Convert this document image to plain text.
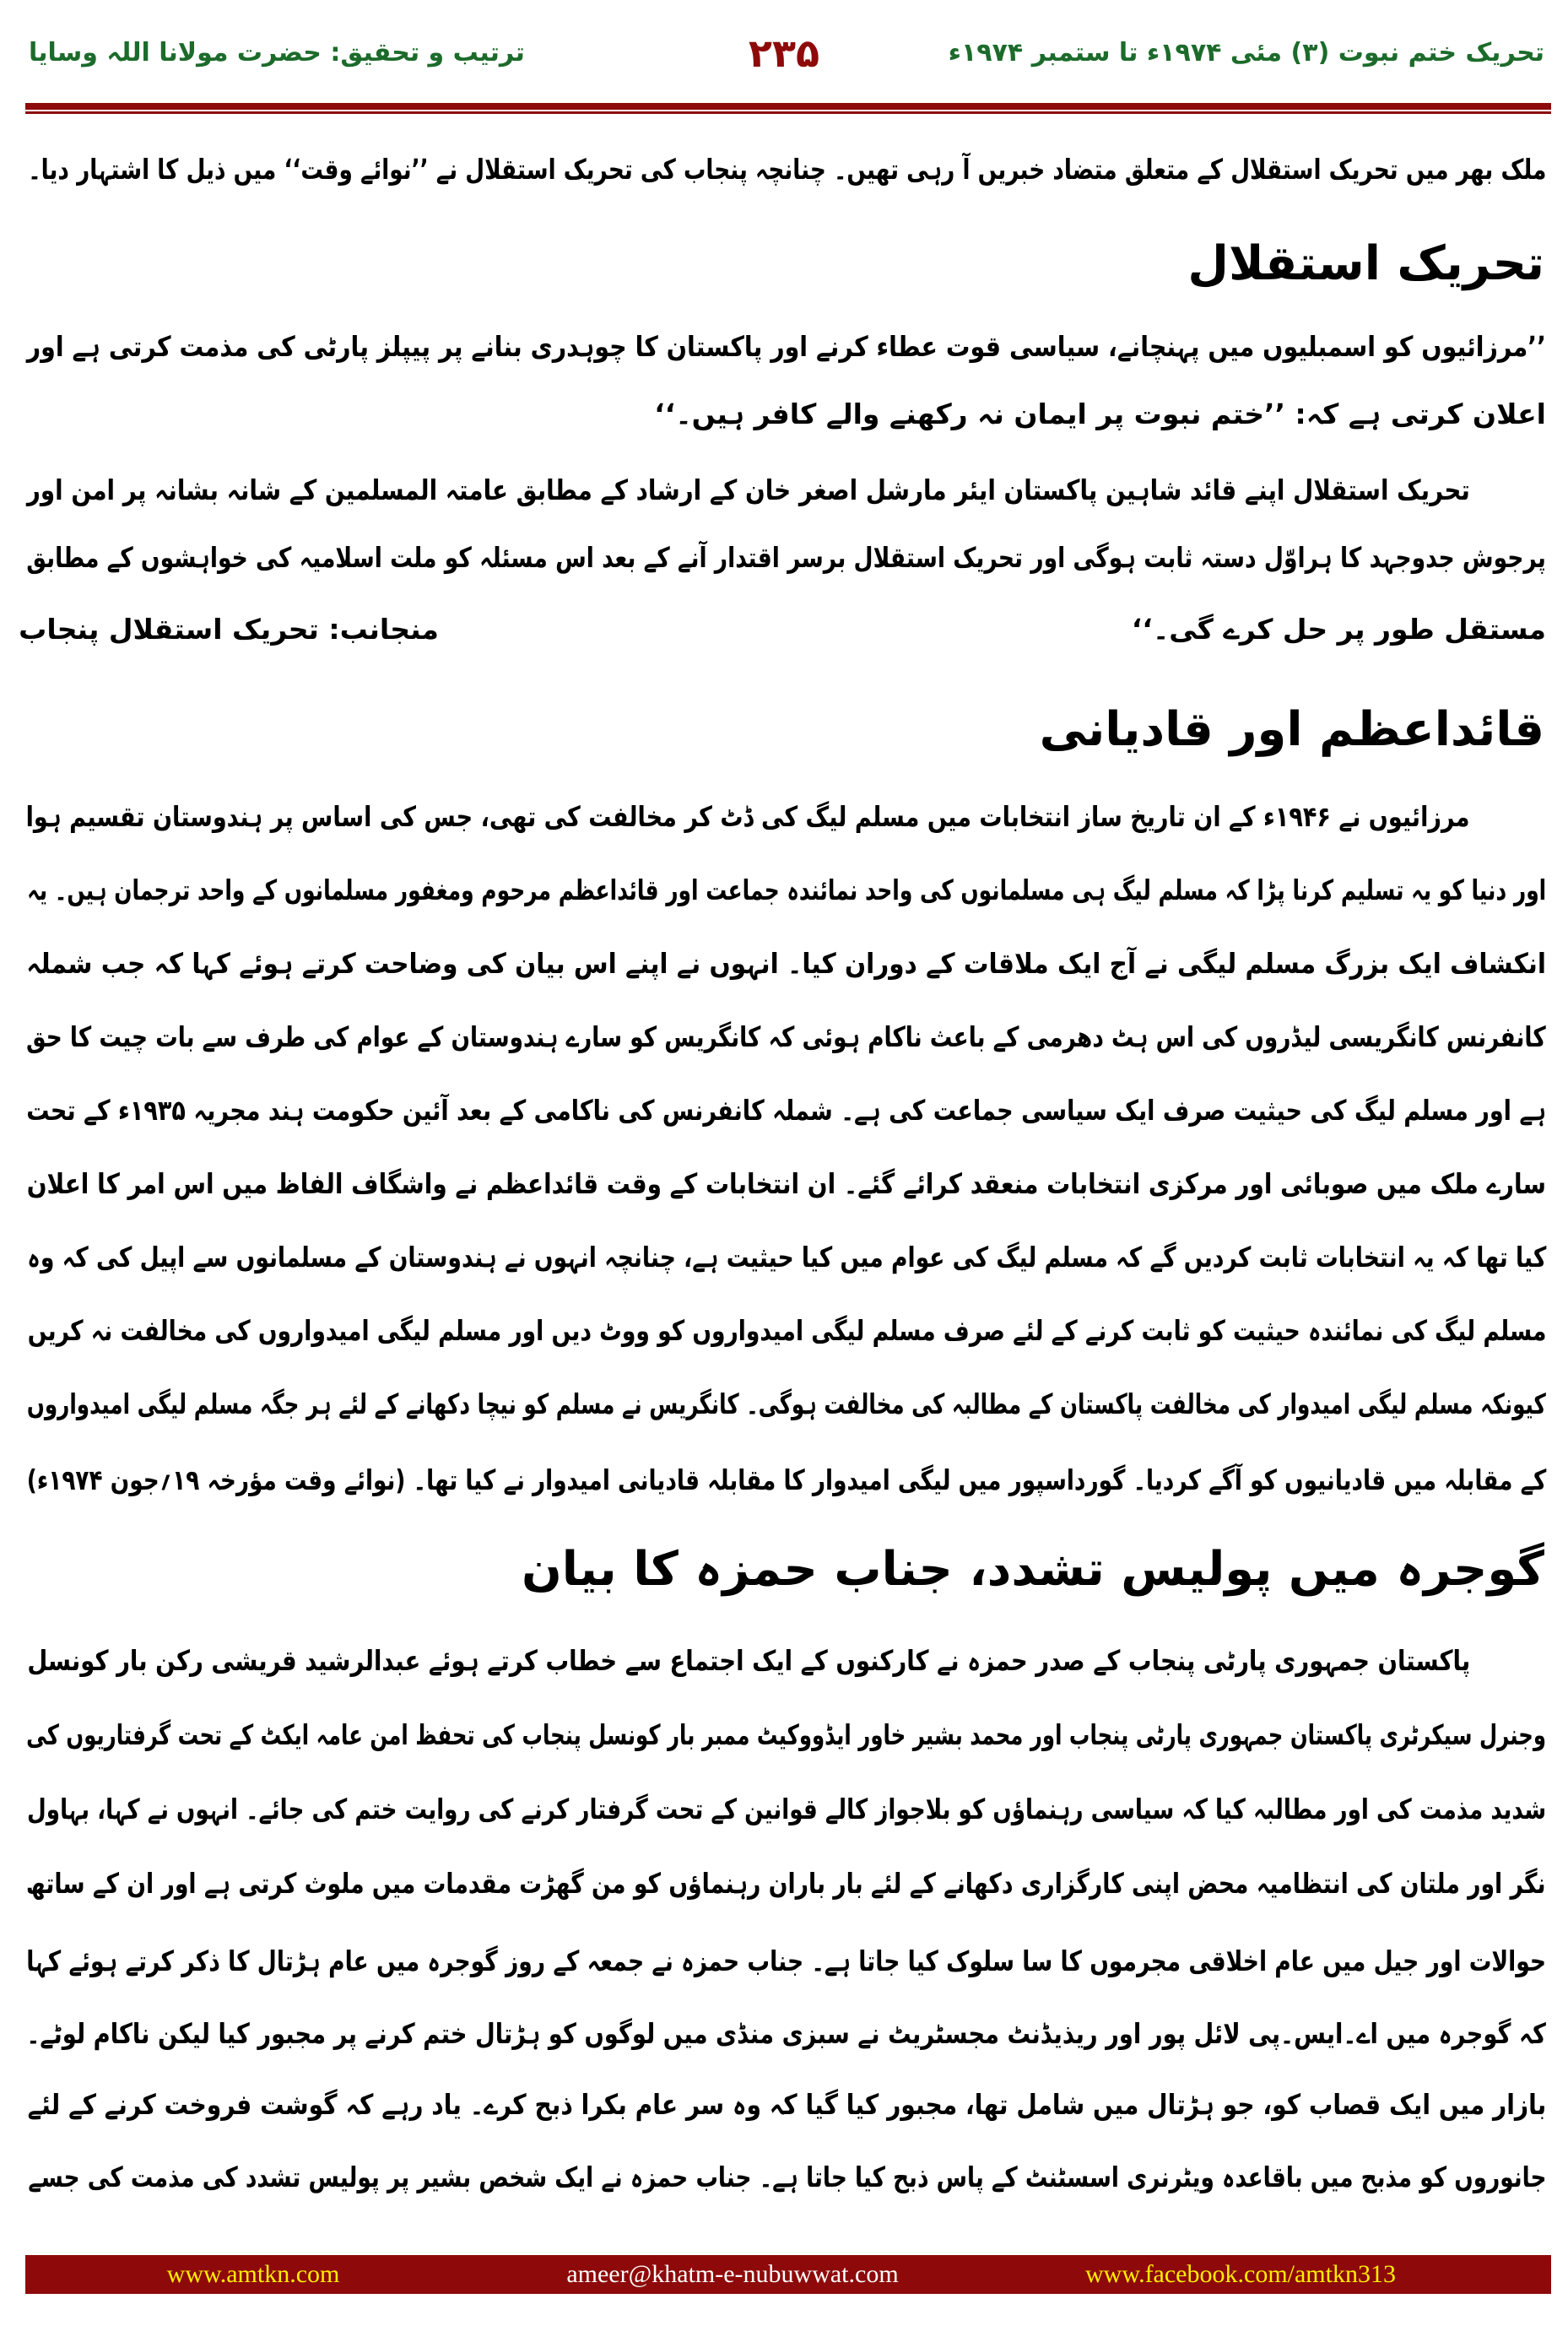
تحریک ختم نبوت (۳) مئی ۱۹۷۴ء تا ستمبر ۱۹۷۴ء
۲۳۵
ترتیب و تحقیق: حضرت مولانا اللہ وسایا
ملک بھر میں تحریک استقلال کے متعلق متضاد خبریں آ رہی تھیں۔ چنانچہ پنجاب کی تحریک استقلال نے ’’نوائے وقت‘‘ میں ذیل کا اشتہار دیا۔
تحریک استقلال
’’مرزائیوں کو اسمبلیوں میں پہنچانے، سیاسی قوت عطاء کرنے اور پاکستان کا چوہدری بنانے پر پیپلز پارٹی کی مذمت کرتی ہے اور
اعلان کرتی ہے کہ: ’’ختم نبوت پر ایمان نہ رکھنے والے کافر ہیں۔‘‘
تحریک استقلال اپنے قائد شاہین پاکستان ایئر مارشل اصغر خان کے ارشاد کے مطابق عامتہ المسلمین کے شانہ بشانہ پر امن اور
پرجوش جدوجہد کا ہراوّل دستہ ثابت ہوگی اور تحریک استقلال برسر اقتدار آنے کے بعد اس مسئلہ کو ملت اسلامیہ کی خواہشوں کے مطابق
مستقل طور پر حل کرے گی۔‘‘
منجانب: تحریک استقلال پنجاب
قائداعظم اور قادیانی
مرزائیوں نے ۱۹۴۶ء کے ان تاریخ ساز انتخابات میں مسلم لیگ کی ڈٹ کر مخالفت کی تھی، جس کی اساس پر ہندوستان تقسیم ہوا
اور دنیا کو یہ تسلیم کرنا پڑا کہ مسلم لیگ ہی مسلمانوں کی واحد نمائندہ جماعت اور قائداعظم مرحوم ومغفور مسلمانوں کے واحد ترجمان ہیں۔ یہ
انکشاف ایک بزرگ مسلم لیگی نے آج ایک ملاقات کے دوران کیا۔ انہوں نے اپنے اس بیان کی وضاحت کرتے ہوئے کہا کہ جب شملہ
کانفرنس کانگریسی لیڈروں کی اس ہٹ دھرمی کے باعث ناکام ہوئی کہ کانگریس کو سارے ہندوستان کے عوام کی طرف سے بات چیت کا حق
ہے اور مسلم لیگ کی حیثیت صرف ایک سیاسی جماعت کی ہے۔ شملہ کانفرنس کی ناکامی کے بعد آئین حکومت ہند مجریہ ۱۹۳۵ء کے تحت
سارے ملک میں صوبائی اور مرکزی انتخابات منعقد کرائے گئے۔ ان انتخابات کے وقت قائداعظم نے واشگاف الفاظ میں اس امر کا اعلان
کیا تھا کہ یہ انتخابات ثابت کردیں گے کہ مسلم لیگ کی عوام میں کیا حیثیت ہے، چنانچہ انہوں نے ہندوستان کے مسلمانوں سے اپیل کی کہ وہ
مسلم لیگ کی نمائندہ حیثیت کو ثابت کرنے کے لئے صرف مسلم لیگی امیدواروں کو ووٹ دیں اور مسلم لیگی امیدواروں کی مخالفت نہ کریں
کیونکہ مسلم لیگی امیدوار کی مخالفت پاکستان کے مطالبہ کی مخالفت ہوگی۔ کانگریس نے مسلم کو نیچا دکھانے کے لئے ہر جگہ مسلم لیگی امیدواروں
کے مقابلہ میں قادیانیوں کو آگے کردیا۔ گورداسپور میں لیگی امیدوار کا مقابلہ قادیانی امیدوار نے کیا تھا۔ (نوائے وقت مؤرخہ ۱۹؍جون ۱۹۷۴ء)
گوجرہ میں پولیس تشدد، جناب حمزہ کا بیان
پاکستان جمہوری پارٹی پنجاب کے صدر حمزہ نے کارکنوں کے ایک اجتماع سے خطاب کرتے ہوئے عبدالرشید قریشی رکن بار کونسل
وجنرل سیکرٹری پاکستان جمہوری پارٹی پنجاب اور محمد بشیر خاور ایڈووکیٹ ممبر بار کونسل پنجاب کی تحفظ امن عامہ ایکٹ کے تحت گرفتاریوں کی
شدید مذمت کی اور مطالبہ کیا کہ سیاسی رہنماؤں کو بلاجواز کالے قوانین کے تحت گرفتار کرنے کی روایت ختم کی جائے۔ انہوں نے کہا، بہاول
نگر اور ملتان کی انتظامیہ محض اپنی کارگزاری دکھانے کے لئے بار باران رہنماؤں کو من گھڑت مقدمات میں ملوث کرتی ہے اور ان کے ساتھ
حوالات اور جیل میں عام اخلاقی مجرموں کا سا سلوک کیا جاتا ہے۔ جناب حمزہ نے جمعہ کے روز گوجرہ میں عام ہڑتال کا ذکر کرتے ہوئے کہا
کہ گوجرہ میں اے۔ایس۔پی لائل پور اور ریذیڈنٹ مجسٹریٹ نے سبزی منڈی میں لوگوں کو ہڑتال ختم کرنے پر مجبور کیا لیکن ناکام لوٹے۔
بازار میں ایک قصاب کو، جو ہڑتال میں شامل تھا، مجبور کیا گیا کہ وہ سر عام بکرا ذبح کرے۔ یاد رہے کہ گوشت فروخت کرنے کے لئے
جانوروں کو مذبح میں باقاعدہ ویٹرنری اسسٹنٹ کے پاس ذبح کیا جاتا ہے۔ جناب حمزہ نے ایک شخص بشیر پر پولیس تشدد کی مذمت کی جسے
www.amtkn.com	ameer@khatm-e-nubuwwat.com	www.facebook.com/amtkn313
